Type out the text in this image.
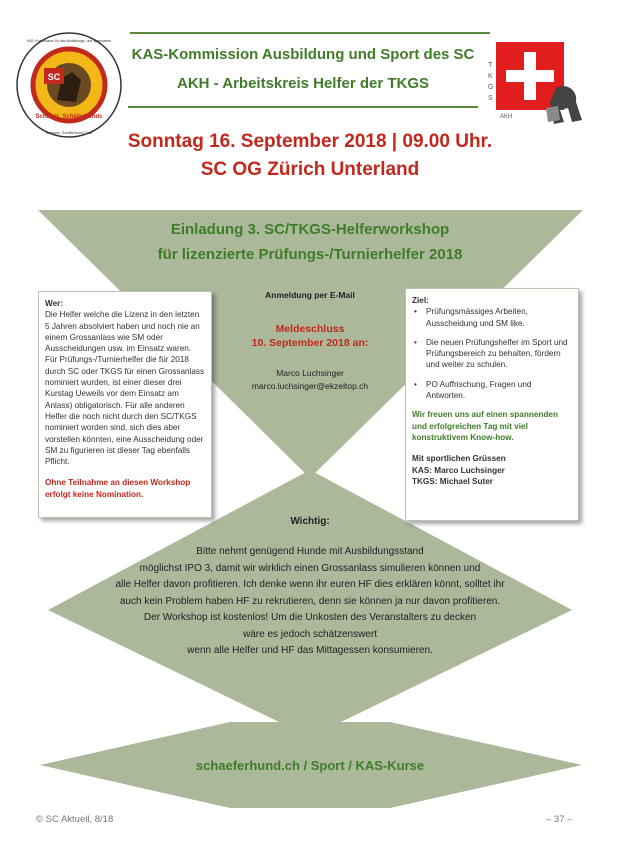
SC
Schweiz. Schäferhundc
KAS: Kommission für das Ausbildungs- und Sportwesen
Schweiz. Schäferhund Club
KAS-Kommission Ausbildung und Sport des SC
AKH - Arbeitskreis Helfer der TKGS
T
K
G
S
AKH
Sonntag 16. September 2018 | 09.00 Uhr.
SC OG Zürich Unterland
Einladung 3. SC/TKGS-Helferworkshop
für lizenzierte Prüfungs-/Turnierhelfer 2018
Anmeldung per E-Mail
Meldeschluss
10. September 2018 an:
Marco Luchsinger
marco.luchsinger@ekzeltop.ch
Wer:
Die Helfer welche die Lizenz in den letzten 5 Jahren absolviert haben und noch nie an einem Grossanlass wie SM oder Ausscheidungen usw. im Einsatz waren. Für Prüfungs-/Turnierhelfer die für 2018 durch SC oder TKGS für einen Grossanlass nominiert wurden, ist einer dieser drei Kurstag Ueweils vor dem Einsatz am Anlass) obligatorisch. Für alle anderen Helfer die noch nicht durch den SC/TKGS nominiert worden sind, sich dies aber vorstellen könnten, eine Ausscheidung oder SM zu figurieren ist dieser Tag ebenfalls Pflicht.
Ohne Teilnahme an diesen Workshop erfolgt keine Nomination.
Ziel:
• Prüfungsmässiges Arbeiten, Ausscheidung und SM like.
• Die neuen Prüfungshelfer im Sport und Prüfungsbereich zu behalten, fördern und weiter zu schulen.
• PO Auffrischung, Fragen und Antworten.
Wir freuen uns auf einen spannenden und erfolgreichen Tag mit viel konstruktivem Know-how.
Mit sportlichen Grüssen
KAS: Marco Luchsinger
TKGS: Michael Suter
Wichtig:
Bitte nehmt genügend Hunde mit Ausbildungsstand
möglichst IPO 3, damit wir wirklich einen Grossanlass simulieren können und
alle Helfer davon profitieren. Ich denke wenn ihr euren HF dies erklären könnt, solltet ihr
auch kein Problem haben HF zu rekrutieren, denn sie können ja nur davon profitieren.
Der Workshop ist kostenlos! Um die Unkosten des Veranstalters zu decken
wäre es jedoch schätzenswert
wenn alle Helfer und HF das Mittagessen konsumieren.
schaeferhund.ch / Sport / KAS-Kurse
© SC Aktuell, 8/18	– 37 –
